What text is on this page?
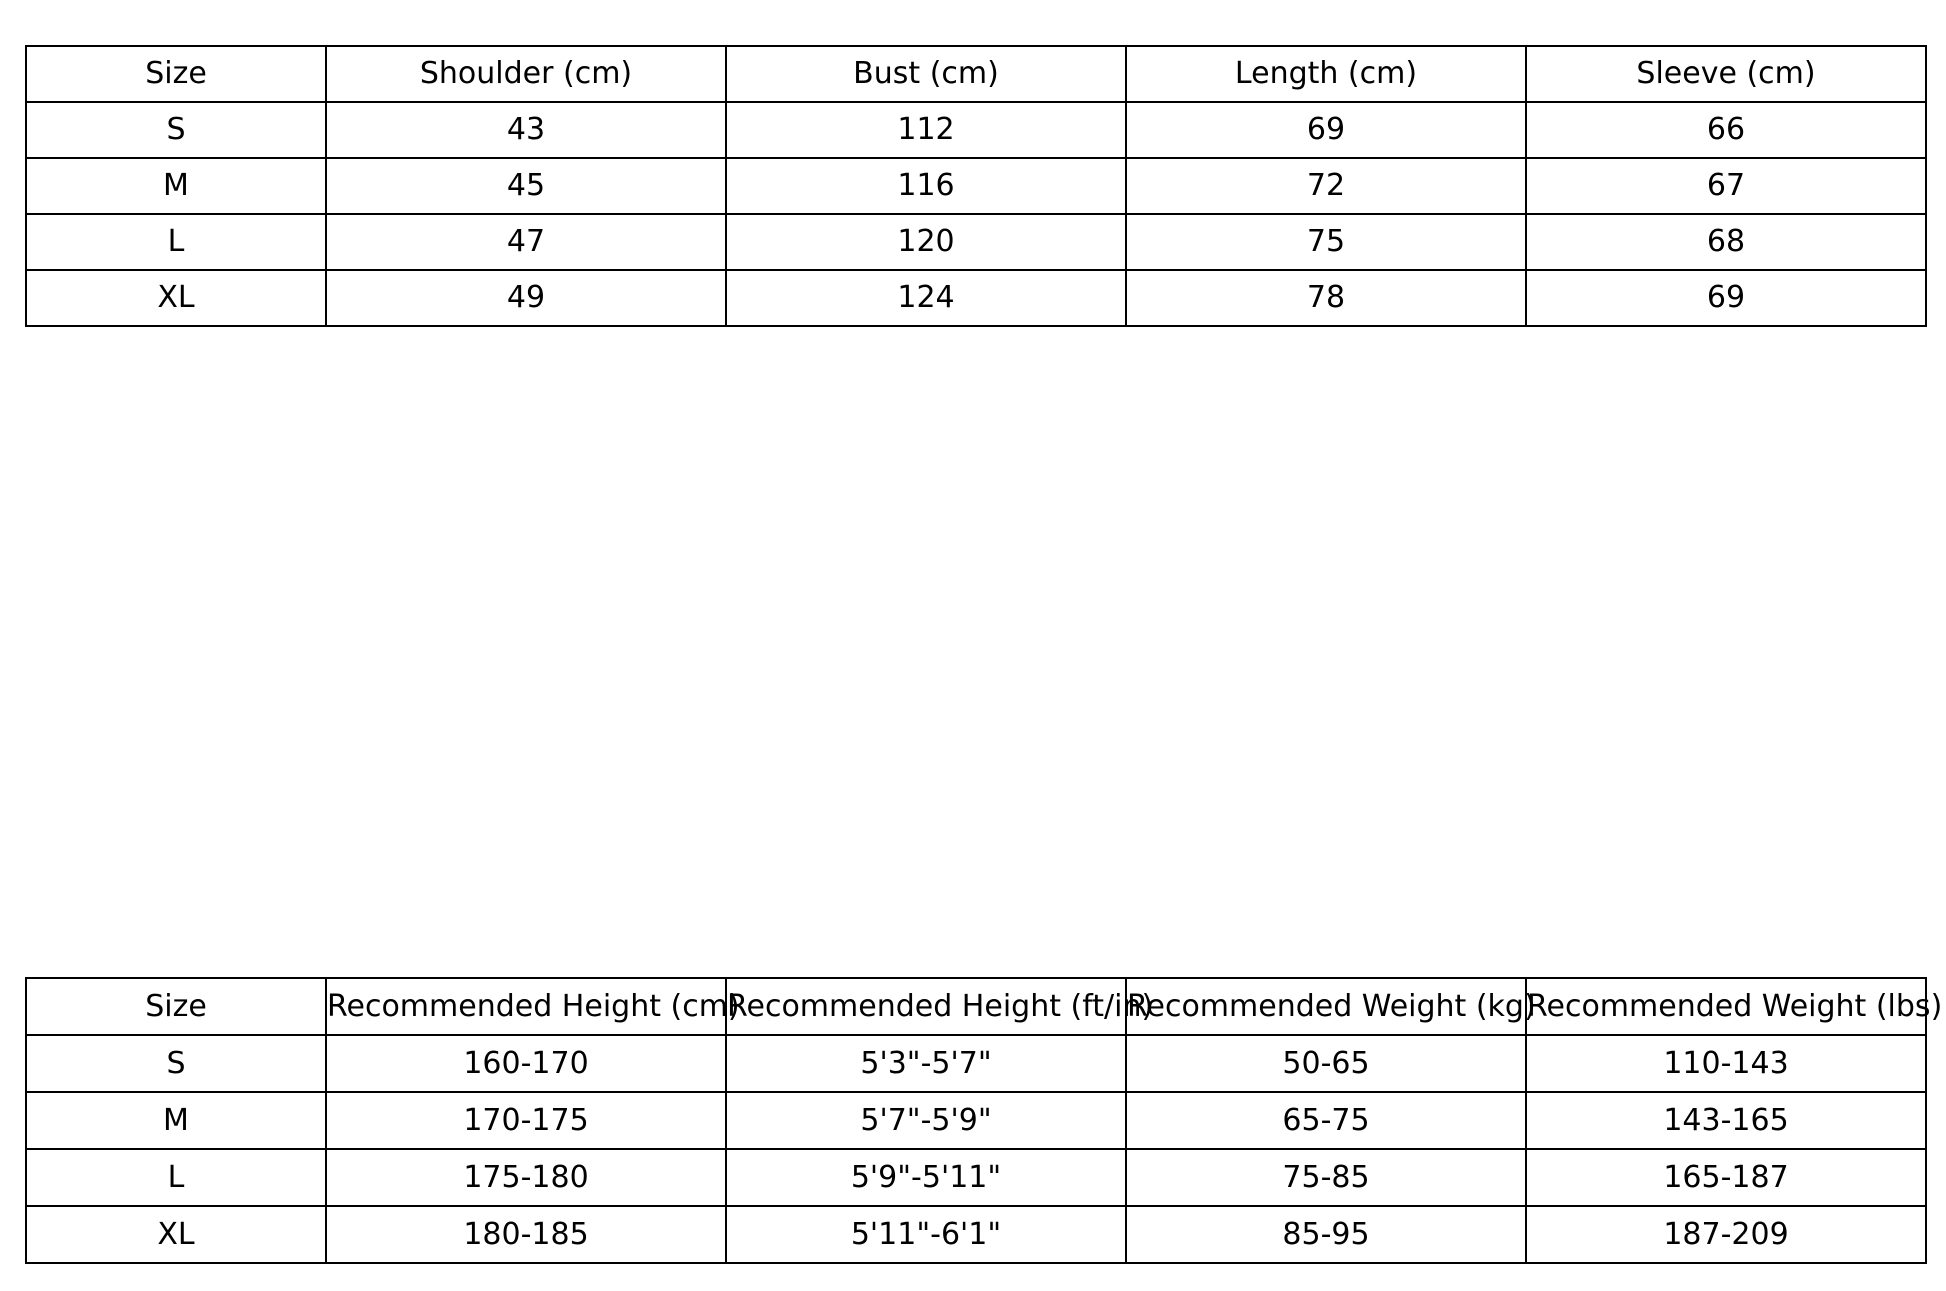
Size	Shoulder (cm)	Bust (cm)	Length (cm)	Sleeve (cm)
S	43	112	69	66
M	45	116	72	67
L	47	120	75	68
XL	49	124	78	69
Size	Recommended Height (cm)	Recommended Height (ft/in)	Recommended Weight (kg)	Recommended Weight (lbs)
S	160-170	5'3"-5'7"	50-65	110-143
M	170-175	5'7"-5'9"	65-75	143-165
L	175-180	5'9"-5'11"	75-85	165-187
XL	180-185	5'11"-6'1"	85-95	187-209
